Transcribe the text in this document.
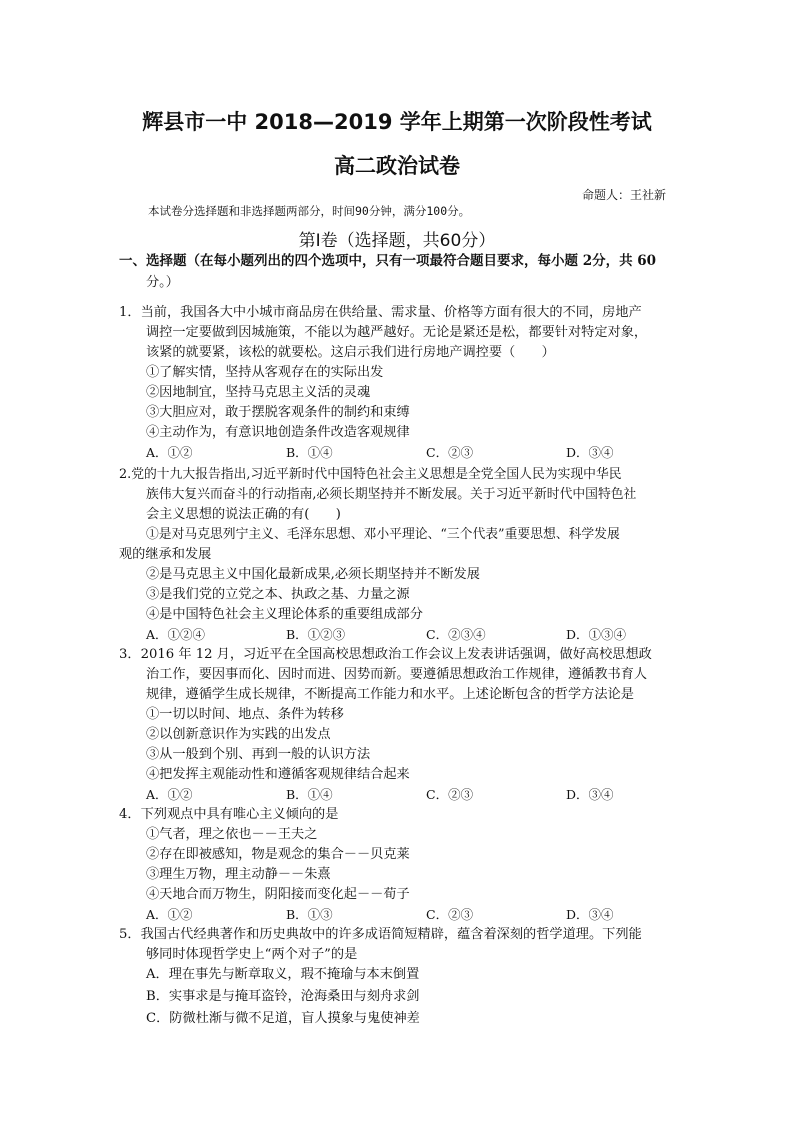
辉县市一中 2018—2019 学年上期第一次阶段性考试
高二政治试卷
命题人：王社新
本试卷分选择题和非选择题两部分，时间90分钟，满分100分。
第Ⅰ卷（选择题，共60分）
一、选择题（在每小题列出的四个选项中，只有一项最符合题目要求，每小题 2分，共 60
分。）
1．当前，我国各大中小城市商品房在供给量、需求量、价格等方面有很大的不同，房地产
调控一定要做到因城施策，不能以为越严越好。无论是紧还是松，都要针对特定对象，
该紧的就要紧，该松的就要松。这启示我们进行房地产调控要（　　）
①了解实情，坚持从客观存在的实际出发
②因地制宜，坚持马克思主义活的灵魂
③大胆应对，敢于摆脱客观条件的制约和束缚
④主动作为，有意识地创造条件改造客观规律
A．①②	B．①④	C．②③	D．③④
2.党的十九大报告指出,习近平新时代中国特色社会主义思想是全党全国人民为实现中华民
族伟大复兴而奋斗的行动指南,必须长期坚持并不断发展。关于习近平新时代中国特色社
会主义思想的说法正确的有(　　)
①是对马克思列宁主义、毛泽东思想、邓小平理论、“三个代表”重要思想、科学发展
观的继承和发展
②是马克思主义中国化最新成果,必须长期坚持并不断发展
③是我们党的立党之本、执政之基、力量之源
④是中国特色社会主义理论体系的重要组成部分
A．①②④	B．①②③	C．②③④	D．①③④
3．2016 年 12 月，习近平在全国高校思想政治工作会议上发表讲话强调，做好高校思想政
治工作，要因事而化、因时而进、因势而新。要遵循思想政治工作规律，遵循教书育人
规律，遵循学生成长规律，不断提高工作能力和水平。上述论断包含的哲学方法论是
①一切以时间、地点、条件为转移
②以创新意识作为实践的出发点
③从一般到个别、再到一般的认识方法
④把发挥主观能动性和遵循客观规律结合起来
A．①②	B．①④	C．②③	D．③④
4．下列观点中具有唯心主义倾向的是
①气者，理之依也－－王夫之
②存在即被感知，物是观念的集合－－贝克莱
③理生万物，理主动静－－朱熹
④天地合而万物生，阴阳接而变化起－－荀子
A．①②	B．①③	C．②③	D．③④
5．我国古代经典著作和历史典故中的许多成语简短精辟，蕴含着深刻的哲学道理。下列能
够同时体现哲学史上“两个对子”的是
A．理在事先与断章取义，瑕不掩瑜与本末倒置
B．实事求是与掩耳盗铃，沧海桑田与刻舟求剑
C．防微杜渐与微不足道，盲人摸象与鬼使神差
